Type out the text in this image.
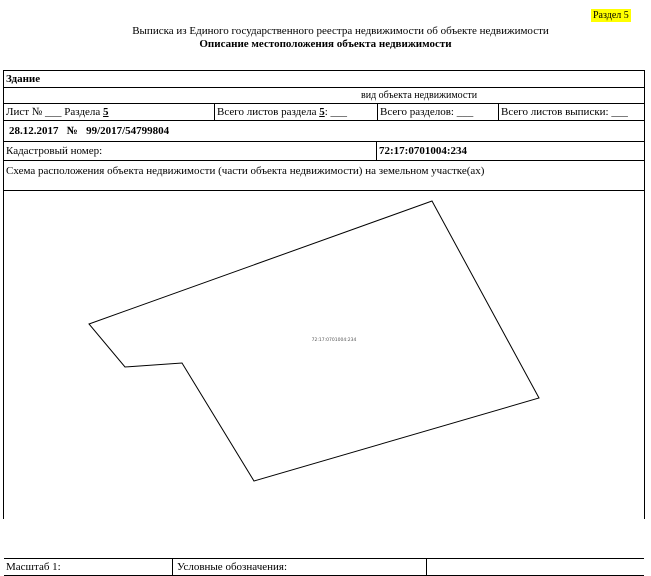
Раздел 5
Выписка из Единого государственного реестра недвижимости об объекте недвижимости
Описание местоположения объекта недвижимости
Здание
вид объекта недвижимости
Лист № ___ Раздела 5	Всего листов раздела 5: ___	Всего разделов: ___	Всего листов выписки: ___
28.12.2017 № 99/2017/54799804
Кадастровый номер:	72:17:0701004:234
Схема расположения объекта недвижимости (части объекта недвижимости) на земельном участке(ах)
72:17:0701004:234
Масштаб 1:	Условные обозначения:
